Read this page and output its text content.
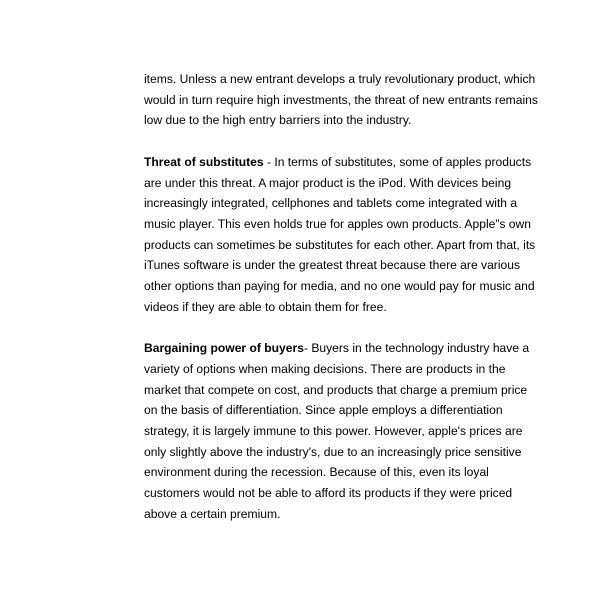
items. Unless a new entrant develops a truly revolutionary product, which
would in turn require high investments, the threat of new entrants remains
low due to the high entry barriers into the industry.

Threat of substitutes - In terms of substitutes, some of apples products
are under this threat. A major product is the iPod. With devices being
increasingly integrated, cellphones and tablets come integrated with a
music player. This even holds true for apples own products. Apple”s own
products can sometimes be substitutes for each other. Apart from that, its
iTunes software is under the greatest threat because there are various
other options than paying for media, and no one would pay for music and
videos if they are able to obtain them for free.

Bargaining power of buyers- Buyers in the technology industry have a
variety of options when making decisions. There are products in the
market that compete on cost, and products that charge a premium price
on the basis of differentiation. Since apple employs a differentiation
strategy, it is largely immune to this power. However, apple's prices are
only slightly above the industry's, due to an increasingly price sensitive
environment during the recession. Because of this, even its loyal
customers would not be able to afford its products if they were priced
above a certain premium.
